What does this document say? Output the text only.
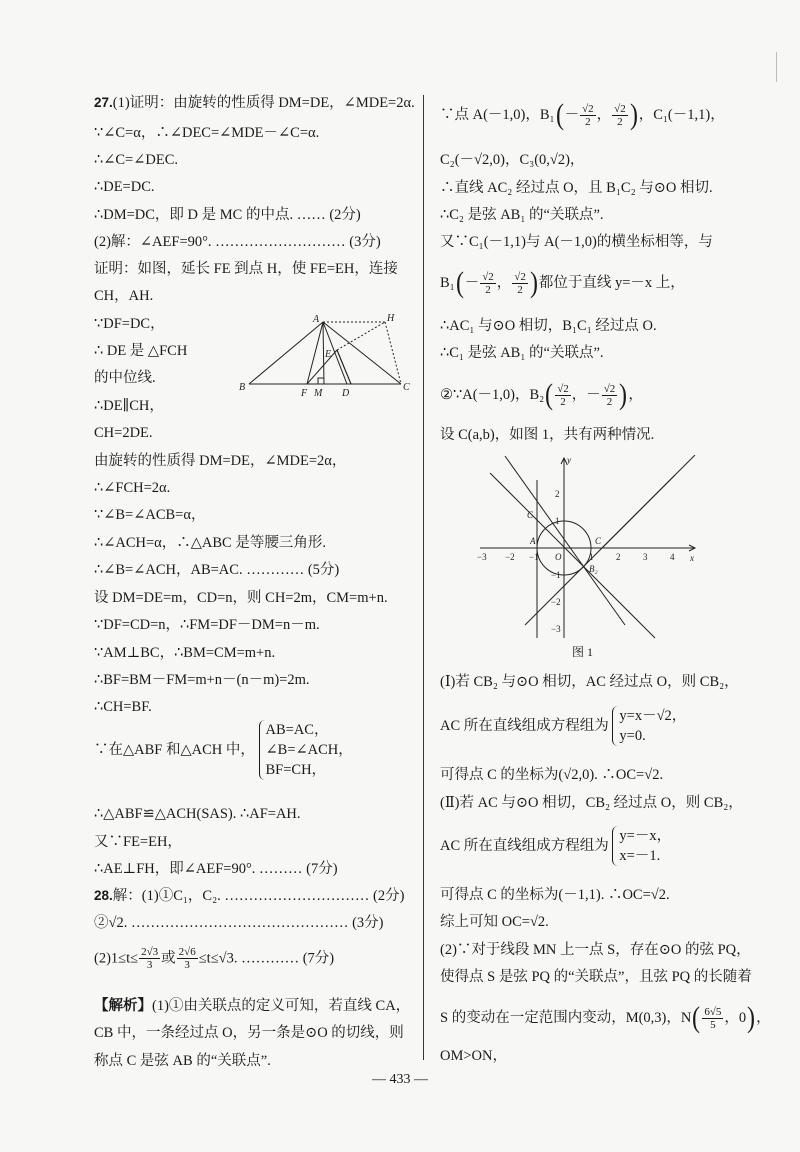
27.(1)证明：由旋转的性质得 DM=DE，∠MDE=2α.
∵∠C=α，∴∠DEC=∠MDE－∠C=α.
∴∠C=∠DEC.
∴DE=DC.
∴DM=DC，即 D 是 MC 的中点. …… (2分)
(2)解：∠AEF=90°. ……………………… (3分)
证明：如图，延长 FE 到点 H，使 FE=EH，连接
CH，AH.
∵DF=DC，
∴ DE 是 △FCH
的中位线.
∴DE∥CH，
CH=2DE.
由旋转的性质得 DM=DE，∠MDE=2α，
∴∠FCH=2α.
∵∠B=∠ACB=α，
∴∠ACH=α，∴△ABC 是等腰三角形.
∴∠B=∠ACH，AB=AC. ………… (5分)
设 DM=DE=m，CD=n，则 CH=2m，CM=m+n.
∵DF=CD=n，∴FM=DF－DM=n－m.
∵AM⊥BC，∴BM=CM=m+n.
∴BF=BM－FM=m+n－(n－m)=2m.
∴CH=BF.
∵在△ABF 和△ACH 中，
AB=AC，
∠B=∠ACH，
BF=CH，
∴△ABF≌△ACH(SAS). ∴AF=AH.
又∵FE=EH，
∴AE⊥FH，即∠AEF=90°. ……… (7分)
28.解：(1)①C₁，C₂. ………………………… (2分)
②√2. ……………………………………… (3分)
$(2)1\le t\le \frac{2√3}{3}$ 或 $\frac{2√6}{3} \le t\le√3$. ………… (7分)
【解析】(1)①由关联点的定义可知，若直线 CA，
CB 中，一条经过点 O，另一条是⊙O 的切线，则
称点 C 是弦 AB 的“关联点”.
A	H
E
B
F M D
C
∵点 A(－1,0)，$B_1(- \frac{√2}{2}$ ， $\frac{√2}{2}$ )，C₁(－1,1)，
C₂(－√2,0)，C₃(0,√2)，
∴直线 AC₂ 经过点 O，且 B₁C₂ 与⊙O 相切.
∴C₂ 是弦 AB₁ 的“关联点”.
又∵C₁(－1,1)与 A(－1,0)的横坐标相等，与
$B_1(- \frac{√2}{2}$ ， $\frac{√2}{2}$ )都位于直线 y=－x 上，
∴AC₁ 与⊙O 相切，B₁C₁ 经过点 O.
∴C₁ 是弦 AB₁ 的“关联点”.
②∵A(－1,0)，$B_2( \frac{√2}{2}$ ，－ $\frac{√2}{2}$ )，
设 C(a,b)，如图 1，共有两种情况.
−3 −2 −1 O	1	2	3	4 x
2
1
−1
−2
−3
y
C
A	C
B₂
图 1
(Ⅰ)若 CB₂ 与⊙O 相切，AC 经过点 O，则 CB₂，
AC 所在直线组成方程组为
y=x－√2，
y=0.
可得点 C 的坐标为(√2,0). ∴OC=√2.
(Ⅱ)若 AC 与⊙O 相切，CB₂ 经过点 O，则 CB₂，
AC 所在直线组成方程组为
y=－x，
x=－1.
可得点 C 的坐标为(－1,1). ∴OC=√2.
综上可知 OC=√2.
(2)∵对于线段 MN 上一点 S，存在⊙O 的弦 PQ，
使得点 S 是弦 PQ 的“关联点”，且弦 PQ 的长随着
S 的变动在一定范围内变动，M(0,3)，$N( \frac{6√5}{5}$ ，0)，
OM>ON，
— 433 —
